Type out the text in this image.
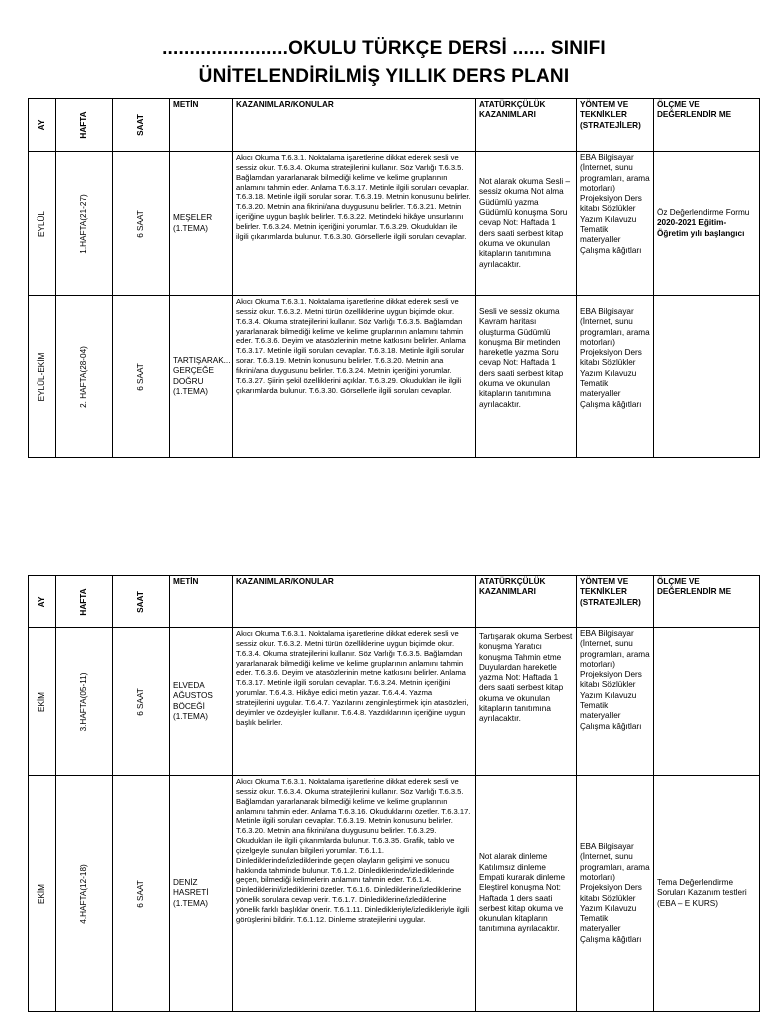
.......................OKULU TÜRKÇE DERSİ ...... SINIFI
ÜNİTELENDİRİLMİŞ YILLIK DERS PLANI
AY	HAFTA	SAAT	METİN	KAZANIMLAR/KONULAR	ATATÜRKÇÜLÜK KAZANIMLARI	YÖNTEM VE TEKNİKLER (STRATEJİLER)	ÖLÇME VE DEĞERLENDİR ME

EYLÜL	1.HAFTA(21-27)	6 SAAT	MEŞELER (1.TEMA)	Akıcı Okuma T.6.3.1. Noktalama işaretlerine dikkat ederek sesli ve sessiz okur. T.6.3.4. Okuma stratejilerini kullanır. Söz Varlığı T.6.3.5. Bağlamdan yararlanarak bilmediği kelime ve kelime gruplarının anlamını tahmin eder. Anlama T.6.3.17. Metinle ilgili soruları cevaplar. T.6.3.18. Metinle ilgili sorular sorar. T.6.3.19. Metnin konusunu belirler. T.6.3.20. Metnin ana fikrini/ana duygusunu belirler. T.6.3.21. Metnin içeriğine uygun başlık belirler. T.6.3.22. Metindeki hikâye unsurlarını belirler. T.6.3.24. Metnin içeriğini yorumlar. T.6.3.29. Okudukları ile ilgili çıkarımlarda bulunur. T.6.3.30. Görsellerle ilgili soruları cevaplar.	Not alarak okuma Sesli – sessiz okuma Not alma Güdümlü yazma Güdümlü konuşma Soru cevap Not: Haftada 1 ders saati serbest kitap okuma ve okunulan kitapların tanıtımına ayrılacaktır.	EBA Bilgisayar (İnternet, sunu programları, arama motorları) Projeksiyon Ders kitabı Sözlükler Yazım Kılavuzu Tematik materyaller Çalışma kâğıtları	Öz Değerlendirme Formu 2020-2021 Eğitim-Öğretim yılı başlangıcı

EYLÜL-EKİM	2. HAFTA(28-04)	6 SAAT	TARTIŞARAK... GERÇEĞE DOĞRU (1.TEMA)	Akıcı Okuma T.6.3.1. Noktalama işaretlerine dikkat ederek sesli ve sessiz okur. T.6.3.2. Metni türün özelliklerine uygun biçimde okur. T.6.3.4. Okuma stratejilerini kullanır. Söz Varlığı T.6.3.5. Bağlamdan yararlanarak bilmediği kelime ve kelime gruplarının anlamını tahmin eder. T.6.3.6. Deyim ve atasözlerinin metne katkısını belirler. Anlama T.6.3.17. Metinle ilgili soruları cevaplar. T.6.3.18. Metinle ilgili sorular sorar. T.6.3.19. Metnin konusunu belirler. T.6.3.20. Metnin ana fikrini/ana duygusunu belirler. T.6.3.24. Metnin içeriğini yorumlar. T.6.3.27. Şiirin şekil özelliklerini açıklar. T.6.3.29. Okudukları ile ilgili çıkarımlarda bulunur. T.6.3.30. Görsellerle ilgili soruları cevaplar.	Sesli ve sessiz okuma Kavram haritası oluşturma Güdümlü konuşma Bir metinden hareketle yazma Soru cevap Not: Haftada 1 ders saati serbest kitap okuma ve okunulan kitapların tanıtımına ayrılacaktır.	EBA Bilgisayar (İnternet, sunu programları, arama motorları) Projeksiyon Ders kitabı Sözlükler Yazım Kılavuzu Tematik materyaller Çalışma kâğıtları	
AY	HAFTA	SAAT	METİN	KAZANIMLAR/KONULAR	ATATÜRKÇÜLÜK KAZANIMLARI	YÖNTEM VE TEKNİKLER (STRATEJİLER)	ÖLÇME VE DEĞERLENDİR ME

EKİM	3.HAFTA(05-11)	6 SAAT	ELVEDA AĞUSTOS BÖCEĞİ (1.TEMA)	Akıcı Okuma T.6.3.1. Noktalama işaretlerine dikkat ederek sesli ve sessiz okur. T.6.3.2. Metni türün özelliklerine uygun biçimde okur. T.6.3.4. Okuma stratejilerini kullanır. Söz Varlığı T.6.3.5. Bağlamdan yararlanarak bilmediği kelime ve kelime gruplarının anlamını tahmin eder. T.6.3.6. Deyim ve atasözlerinin metne katkısını belirler. Anlama T.6.3.17. Metinle ilgili soruları cevaplar. T.6.3.24. Metnin içeriğini yorumlar. T.6.4.3. Hikâye edici metin yazar. T.6.4.4. Yazma stratejilerini uygular. T.6.4.7. Yazılarını zenginleştirmek için atasözleri, deyimler ve özdeyişler kullanır. T.6.4.8. Yazdıklarının içeriğine uygun başlık belirler.	Tartışarak okuma Serbest konuşma Yaratıcı konuşma Tahmin etme Duyulardan hareketle yazma Not: Haftada 1 ders saati serbest kitap okuma ve okunulan kitapların tanıtımına ayrılacaktır.	EBA Bilgisayar (İnternet, sunu programları, arama motorları) Projeksiyon Ders kitabı Sözlükler Yazım Kılavuzu Tematik materyaller Çalışma kâğıtları	

EKİM	4.HAFTA(12-18)	6 SAAT	DENİZ HASRETİ (1.TEMA)	Akıcı Okuma T.6.3.1. Noktalama işaretlerine dikkat ederek sesli ve sessiz okur. T.6.3.4. Okuma stratejilerini kullanır. Söz Varlığı T.6.3.5. Bağlamdan yararlanarak bilmediği kelime ve kelime gruplarının anlamını tahmin eder. Anlama T.6.3.16. Okuduklarını özetler. T.6.3.17. Metinle ilgili soruları cevaplar. T.6.3.19. Metnin konusunu belirler. T.6.3.20. Metnin ana fikrini/ana duygusunu belirler. T.6.3.29. Okudukları ile ilgili çıkarımlarda bulunur. T.6.3.35. Grafik, tablo ve çizelgeyle sunulan bilgileri yorumlar. T.6.1.1. Dinlediklerinde/izlediklerinde geçen olayların gelişimi ve sonucu hakkında tahminde bulunur. T.6.1.2. Dinlediklerinde/izlediklerinde geçen, bilmediği kelimelerin anlamını tahmin eder. T.6.1.4. Dinlediklerini/izlediklerini özetler. T.6.1.6. Dinlediklerine/izlediklerine yönelik sorulara cevap verir. T.6.1.7. Dinlediklerine/izlediklerine yönelik farklı başlıklar önerir. T.6.1.11. Dinledikleriyle/izledikleriyle ilgili görüşlerini bildirir. T.6.1.12. Dinleme stratejilerini uygular.	Not alarak dinleme Katılımsız dinleme Empati kurarak dinleme Eleştirel konuşma Not: Haftada 1 ders saati serbest kitap okuma ve okunulan kitapların tanıtımına ayrılacaktır.	EBA Bilgisayar (İnternet, sunu programları, arama motorları) Projeksiyon Ders kitabı Sözlükler Yazım Kılavuzu Tematik materyaller Çalışma kâğıtları	Tema Değerlendirme Soruları Kazanım testleri (EBA – E KURS)
